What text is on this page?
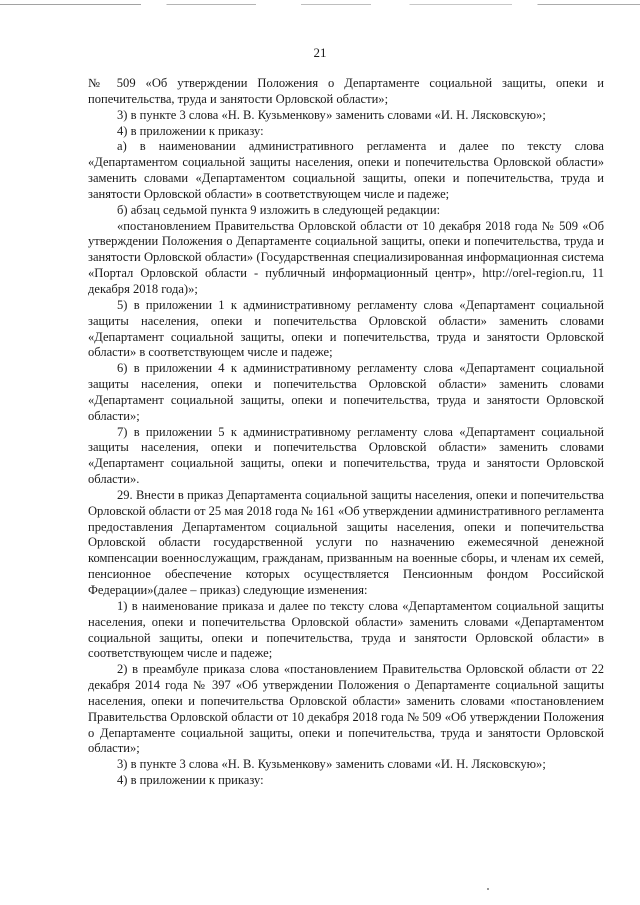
21

№ 509 «Об утверждении Положения о Департаменте социальной защиты, опеки и попечительства, труда и занятости Орловской области»;

3) в пункте 3 слова «Н. В. Кузьменкову» заменить словами «И. Н. Лясковскую»;

4) в приложении к приказу:

а) в наименовании административного регламента и далее по тексту слова «Департаментом социальной защиты населения, опеки и попечительства Орловской области» заменить словами «Департаментом социальной защиты, опеки и попечительства, труда и занятости Орловской области» в соответствующем числе и падеже;

б) абзац седьмой пункта 9 изложить в следующей редакции:

«постановлением Правительства Орловской области от 10 декабря 2018 года № 509 «Об утверждении Положения о Департаменте социальной защиты, опеки и попечительства, труда и занятости Орловской области» (Государственная специализированная информационная система «Портал Орловской области - публичный информационный центр», http://orel-region.ru, 11 декабря 2018 года)»;

5) в приложении 1 к административному регламенту слова «Департамент социальной защиты населения, опеки и попечительства Орловской области» заменить словами «Департамент социальной защиты, опеки и попечительства, труда и занятости Орловской области» в соответствующем числе и падеже;

6) в приложении 4 к административному регламенту слова «Департамент социальной защиты населения, опеки и попечительства Орловской области» заменить словами «Департамент социальной защиты, опеки и попечительства, труда и занятости Орловской области»;

7) в приложении 5 к административному регламенту слова «Департамент социальной защиты населения, опеки и попечительства Орловской области» заменить словами «Департамент социальной защиты, опеки и попечительства, труда и занятости Орловской области».

29. Внести в приказ Департамента социальной защиты населения, опеки и попечительства Орловской области от 25 мая 2018 года № 161 «Об утверждении административного регламента предоставления Департаментом социальной защиты населения, опеки и попечительства Орловской области государственной услуги по назначению ежемесячной денежной компенсации военнослужащим, гражданам, призванным на военные сборы, и членам их семей, пенсионное обеспечение которых осуществляется Пенсионным фондом Российской Федерации»(далее – приказ) следующие изменения:

1) в наименование приказа и далее по тексту слова «Департаментом социальной защиты населения, опеки и попечительства Орловской области» заменить словами «Департаментом социальной защиты, опеки и попечительства, труда и занятости Орловской области» в соответствующем числе и падеже;

2) в преамбуле приказа слова «постановлением Правительства Орловской области от 22 декабря 2014 года № 397 «Об утверждении Положения о Департаменте социальной защиты населения, опеки и попечительства Орловской области» заменить словами «постановлением Правительства Орловской области от 10 декабря 2018 года № 509 «Об утверждении Положения о Департаменте социальной защиты, опеки и попечительства, труда и занятости Орловской области»;

3) в пункте 3 слова «Н. В. Кузьменкову» заменить словами «И. Н. Лясковскую»;

4) в приложении к приказу:
